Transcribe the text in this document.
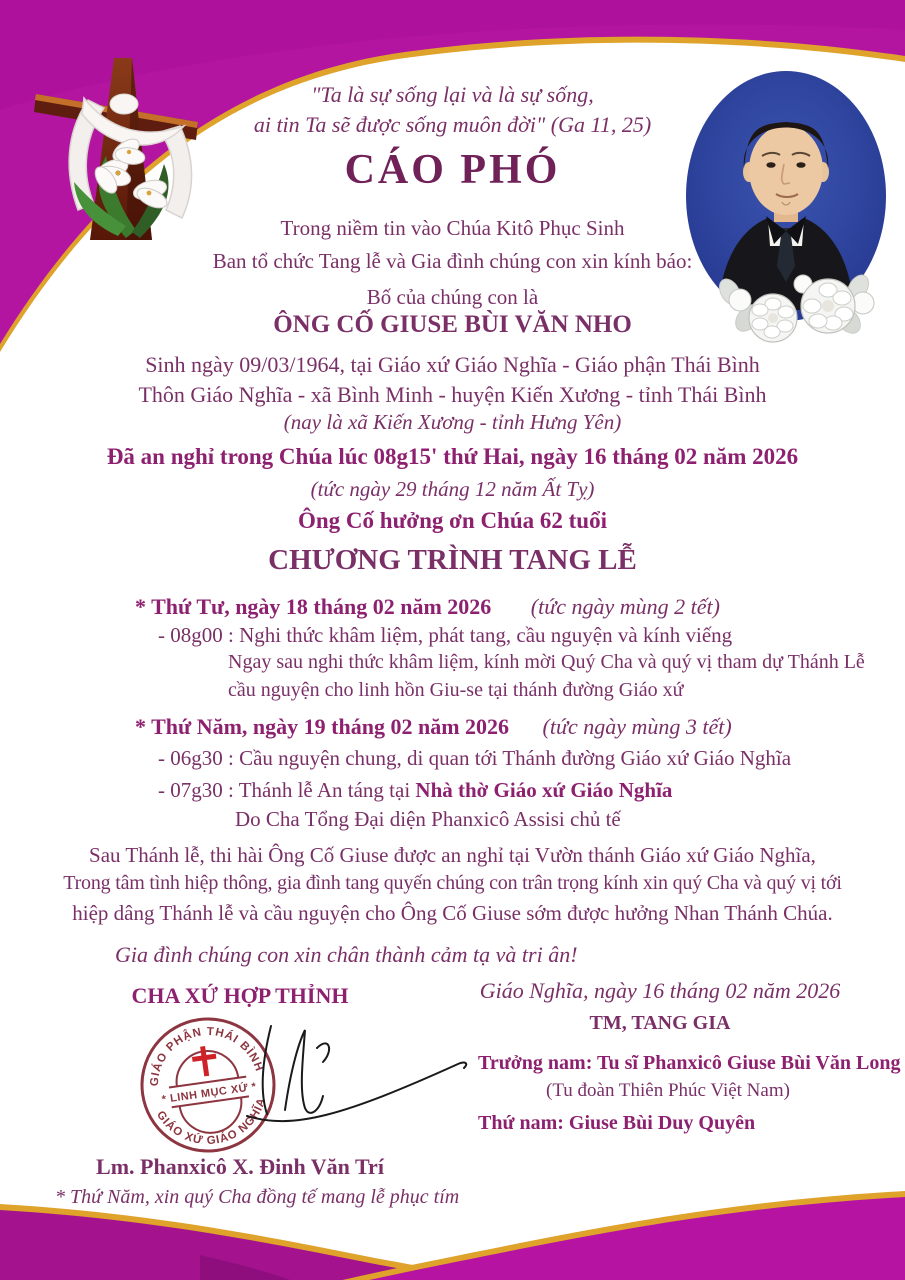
"Ta là sự sống lại và là sự sống,
ai tin Ta sẽ được sống muôn đời" (Ga 11, 25)
CÁO PHÓ
Trong niềm tin vào Chúa Kitô Phục Sinh
Ban tổ chức Tang lễ và Gia đình chúng con xin kính báo:
Bố của chúng con là
ÔNG CỐ GIUSE BÙI VĂN NHO
Sinh ngày 09/03/1964, tại Giáo xứ Giáo Nghĩa - Giáo phận Thái Bình
Thôn Giáo Nghĩa - xã Bình Minh - huyện Kiến Xương - tỉnh Thái Bình
(nay là xã Kiến Xương - tỉnh Hưng Yên)
Đã an nghỉ trong Chúa lúc 08g15' thứ Hai, ngày 16 tháng 02 năm 2026
(tức ngày 29 tháng 12 năm Ất Tỵ)
Ông Cố hưởng ơn Chúa 62 tuổi
CHƯƠNG TRÌNH TANG LỄ
* Thứ Tư, ngày 18 tháng 02 năm 2026 (tức ngày mùng 2 tết)
- 08g00 : Nghi thức khâm liệm, phát tang, cầu nguyện và kính viếng
Ngay sau nghi thức khâm liệm, kính mời Quý Cha và quý vị tham dự Thánh Lễ
cầu nguyện cho linh hồn Giu-se tại thánh đường Giáo xứ
* Thứ Năm, ngày 19 tháng 02 năm 2026 (tức ngày mùng 3 tết)
- 06g30 : Cầu nguyện chung, di quan tới Thánh đường Giáo xứ Giáo Nghĩa
- 07g30 : Thánh lễ An táng tại Nhà thờ Giáo xứ Giáo Nghĩa
Do Cha Tổng Đại diện Phanxicô Assisi chủ tế
Sau Thánh lễ, thi hài Ông Cố Giuse được an nghỉ tại Vườn thánh Giáo xứ Giáo Nghĩa,
Trong tâm tình hiệp thông, gia đình tang quyến chúng con trân trọng kính xin quý Cha và quý vị tới
hiệp dâng Thánh lễ và cầu nguyện cho Ông Cố Giuse sớm được hưởng Nhan Thánh Chúa.
Gia đình chúng con xin chân thành cảm tạ và tri ân!
CHA XỨ HỢP THỈNH
Lm. Phanxicô X. Đinh Văn Trí
* Thứ Năm, xin quý Cha đồng tế mang lễ phục tím
Giáo Nghĩa, ngày 16 tháng 02 năm 2026
TM, TANG GIA
Trưởng nam: Tu sĩ Phanxicô Giuse Bùi Văn Long
(Tu đoàn Thiên Phúc Việt Nam)
Thứ nam: Giuse Bùi Duy Quyên
GIÁO PHẬN THÁI BÌNH
GIÁO XỨ GIÁO NGHĨA
* LINH MỤC XỨ *
